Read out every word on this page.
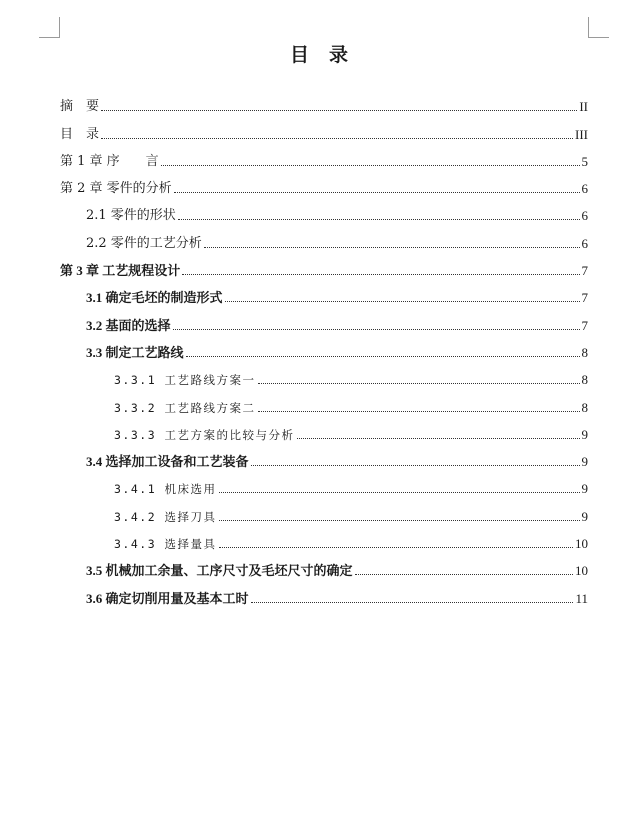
目 录
摘　要	II
目　录	III
第 1 章 序　　言	5
第 2 章 零件的分析	6
2.1 零件的形状	6
2.2 零件的工艺分析	6
第 3 章 工艺规程设计	7
3.1 确定毛坯的制造形式	7
3.2 基面的选择	7
3.3 制定工艺路线	8
3.3.1 工艺路线方案一	8
3.3.2 工艺路线方案二	8
3.3.3 工艺方案的比较与分析	9
3.4 选择加工设备和工艺装备	9
3.4.1 机床选用	9
3.4.2 选择刀具	9
3.4.3 选择量具	10
3.5 机械加工余量、工序尺寸及毛坯尺寸的确定	10
3.6 确定切削用量及基本工时	11
